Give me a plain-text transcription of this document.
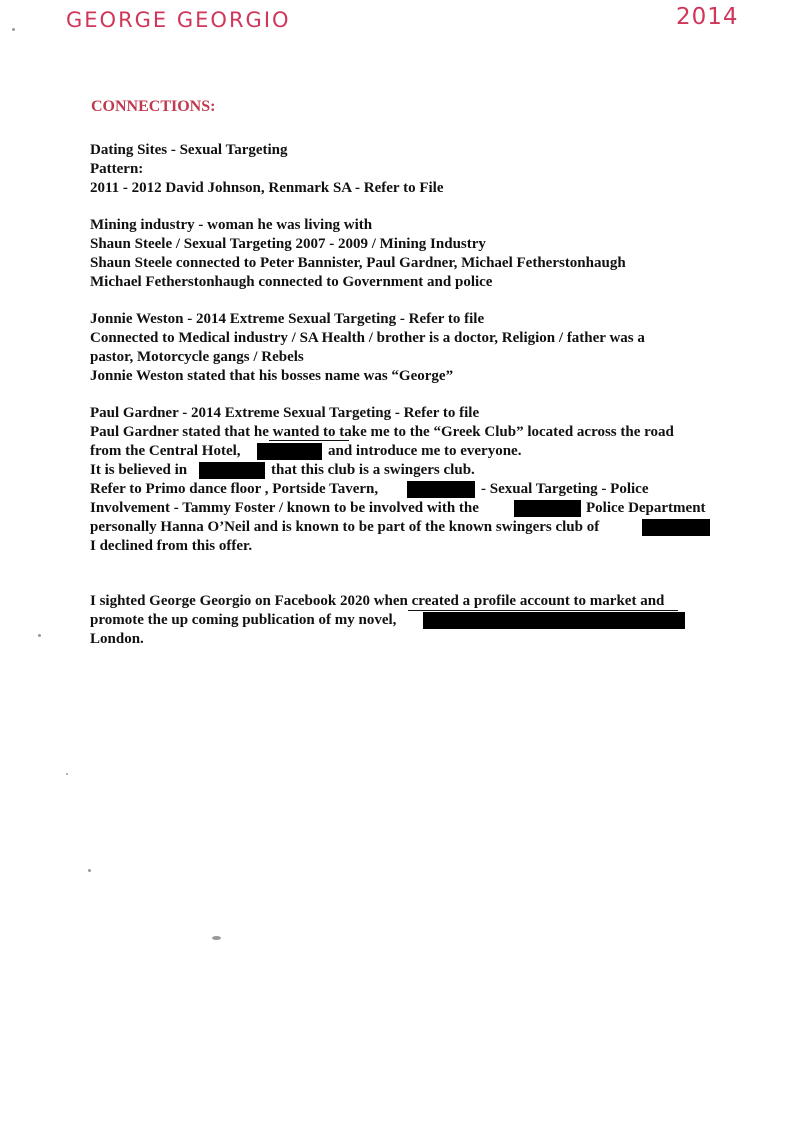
GEORGE GEORGIO	2014
CONNECTIONS:
Dating Sites - Sexual Targeting
Pattern:
2011 - 2012 David Johnson, Renmark SA - Refer to File
Mining industry - woman he was living with
Shaun Steele / Sexual Targeting 2007 - 2009 / Mining Industry
Shaun Steele connected to Peter Bannister, Paul Gardner, Michael Fetherstonhaugh
Michael Fetherstonhaugh connected to Government and police
Jonnie Weston - 2014 Extreme Sexual Targeting - Refer to file
Connected to Medical industry / SA Health / brother is a doctor, Religion / father was a
pastor, Motorcycle gangs / Rebels
Jonnie Weston stated that his bosses name was “George”
Paul Gardner - 2014 Extreme Sexual Targeting - Refer to file
Paul Gardner stated that he wanted to take me to the “Greek Club” located across the road
from the Central Hotel,	and introduce me to everyone.
It is believed in	that this club is a swingers club.
Refer to Primo dance floor , Portside Tavern,	- Sexual Targeting - Police
Involvement - Tammy Foster / known to be involved with the	Police Department
personally Hanna O’Neil and is known to be part of the known swingers club of
I declined from this offer.
I sighted George Georgio on Facebook 2020 when created a profile account to market and
promote the up coming publication of my novel,
London.
